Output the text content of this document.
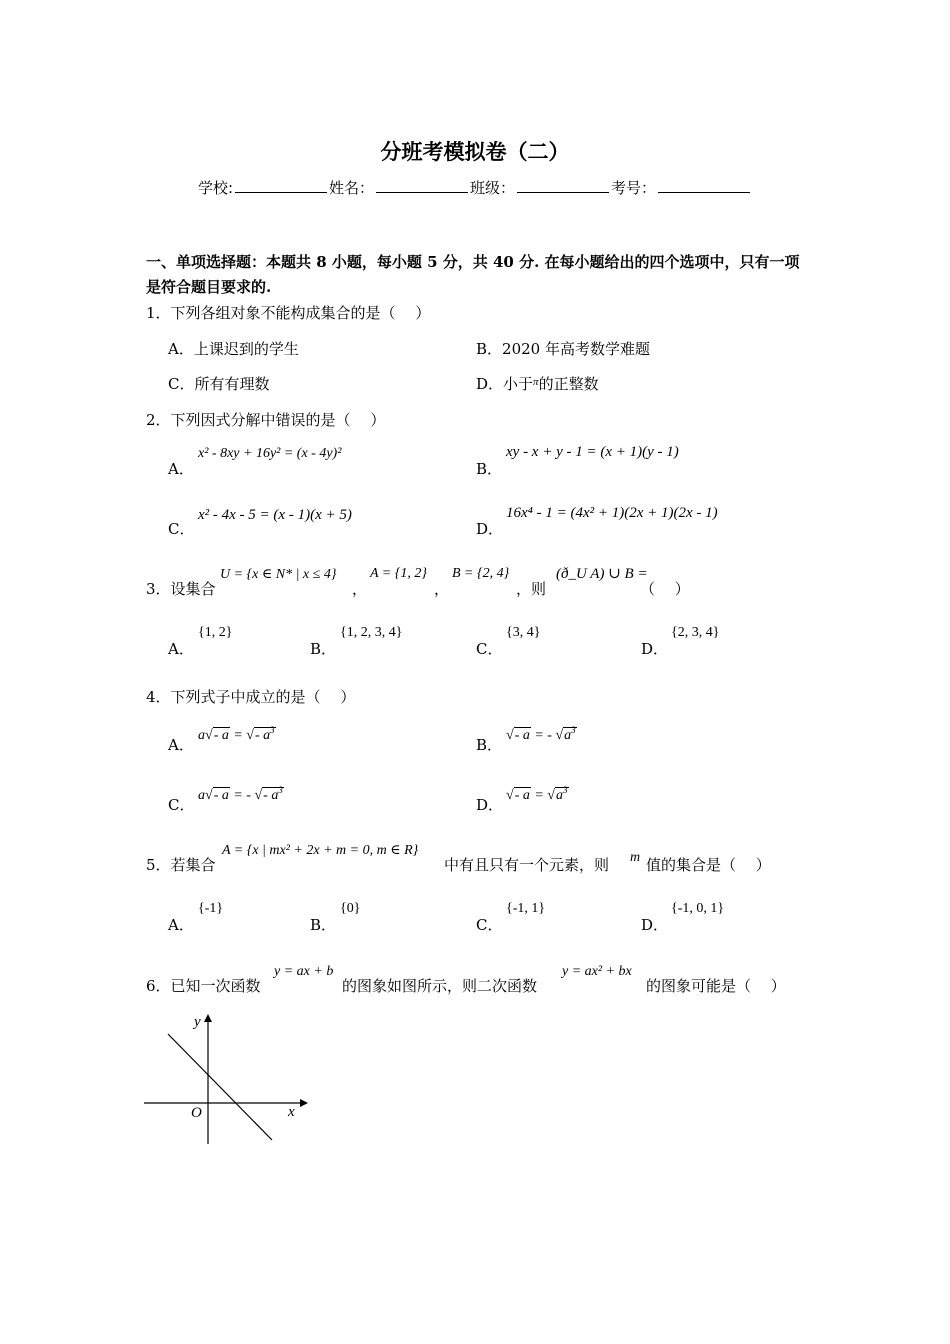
分班考模拟卷（二）
学校:	姓名：	班级：	考号：
一、单项选择题：本题共 8 小题，每小题 5 分，共 40 分. 在每小题给出的四个选项中，只有一项是符合题目要求的.
1．下列各组对象不能构成集合的是（　 ）
A．上课迟到的学生	B．2020 年高考数学难题
C．所有有理数	D．小于$^\pi$的正整数
2．下列因式分解中错误的是（　 ）
A．
x² - 8xy + 16y² = (x - 4y)²
B．
xy - x + y - 1 = (x + 1)(y - 1)
C．
x² - 4x - 5 = (x - 1)(x + 5)
D．
16x⁴ - 1 = (4x² + 1)(2x + 1)(2x - 1)
3．设集合
U = {x ∈ N* | x ≤ 4}
，
A = {1, 2}
，
B = {2, 4}
，则
(ð_U A) ∪ B =
（　 ）
A．
{1, 2}
B．
{1, 2, 3, 4}
C．
{3, 4}
D．
{2, 3, 4}
4．下列式子中成立的是（　 ）
A．
a√- a = √- $a^3$
B．
√- a = - $√a^3$
C．
a√- a = - √- $a^3$
D．
√- $a = √a^3$
5．若集合
A = {x | mx² + 2x + m = 0, m ∈ R}
中有且只有一个元素，则 m 值的集合是（　 ）
A．
{-1}
B．
{0}
C．
{-1, 1}
D．
{-1, 0, 1}
6．已知一次函数
y = ax + b
的图象如图所示，则二次函数
y = ax² + bx
的图象可能是（　 ）
y
x
O
